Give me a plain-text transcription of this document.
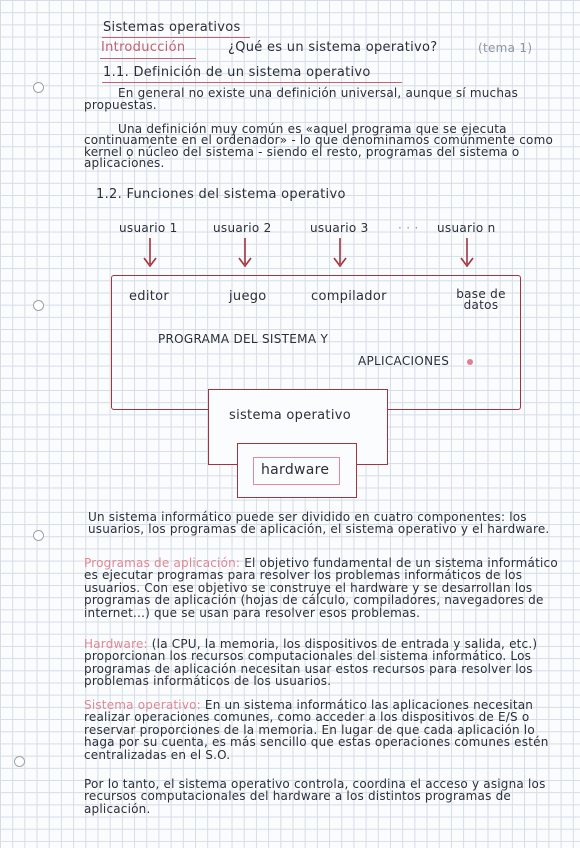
Sistemas operativos
Introducción	¿Qué es un sistema operativo?	(tema 1)
1.1. Definición de un sistema operativo
En general no existe una definición universal, aunque sí muchas propuestas.
Una definición muy común es «aquel programa que se ejecuta continuamente en el ordenador» - lo que denominamos comúnmente como kernel o núcleo del sistema - siendo el resto, programas del sistema o aplicaciones.
1.2. Funciones del sistema operativo
usuario 1	usuario 2	usuario 3 · · · usuario n
editor	juego	compilador	base de datos
PROGRAMA DEL SISTEMA Y
APLICACIONES
sistema operativo
hardware
Un sistema informático puede ser dividido en cuatro componentes: los usuarios, los programas de aplicación, el sistema operativo y el hardware.
Programas de aplicación: El objetivo fundamental de un sistema informático es ejecutar programas para resolver los problemas informáticos de los usuarios. Con ese objetivo se construye el hardware y se desarrollan los programas de aplicación (hojas de cálculo, compiladores, navegadores de internet...) que se usan para resolver esos problemas.
Hardware: (la CPU, la memoria, los dispositivos de entrada y salida, etc.) proporcionan los recursos computacionales del sistema informático. Los programas de aplicación necesitan usar estos recursos para resolver los problemas informáticos de los usuarios.
Sistema operativo: En un sistema informático las aplicaciones necesitan realizar operaciones comunes, como acceder a los dispositivos de E/S o reservar proporciones de la memoria. En lugar de que cada aplicación lo haga por su cuenta, es más sencillo que estas operaciones comunes estén centralizadas en el S.O.
Por lo tanto, el sistema operativo controla, coordina el acceso y asigna los recursos computacionales del hardware a los distintos programas de aplicación.
